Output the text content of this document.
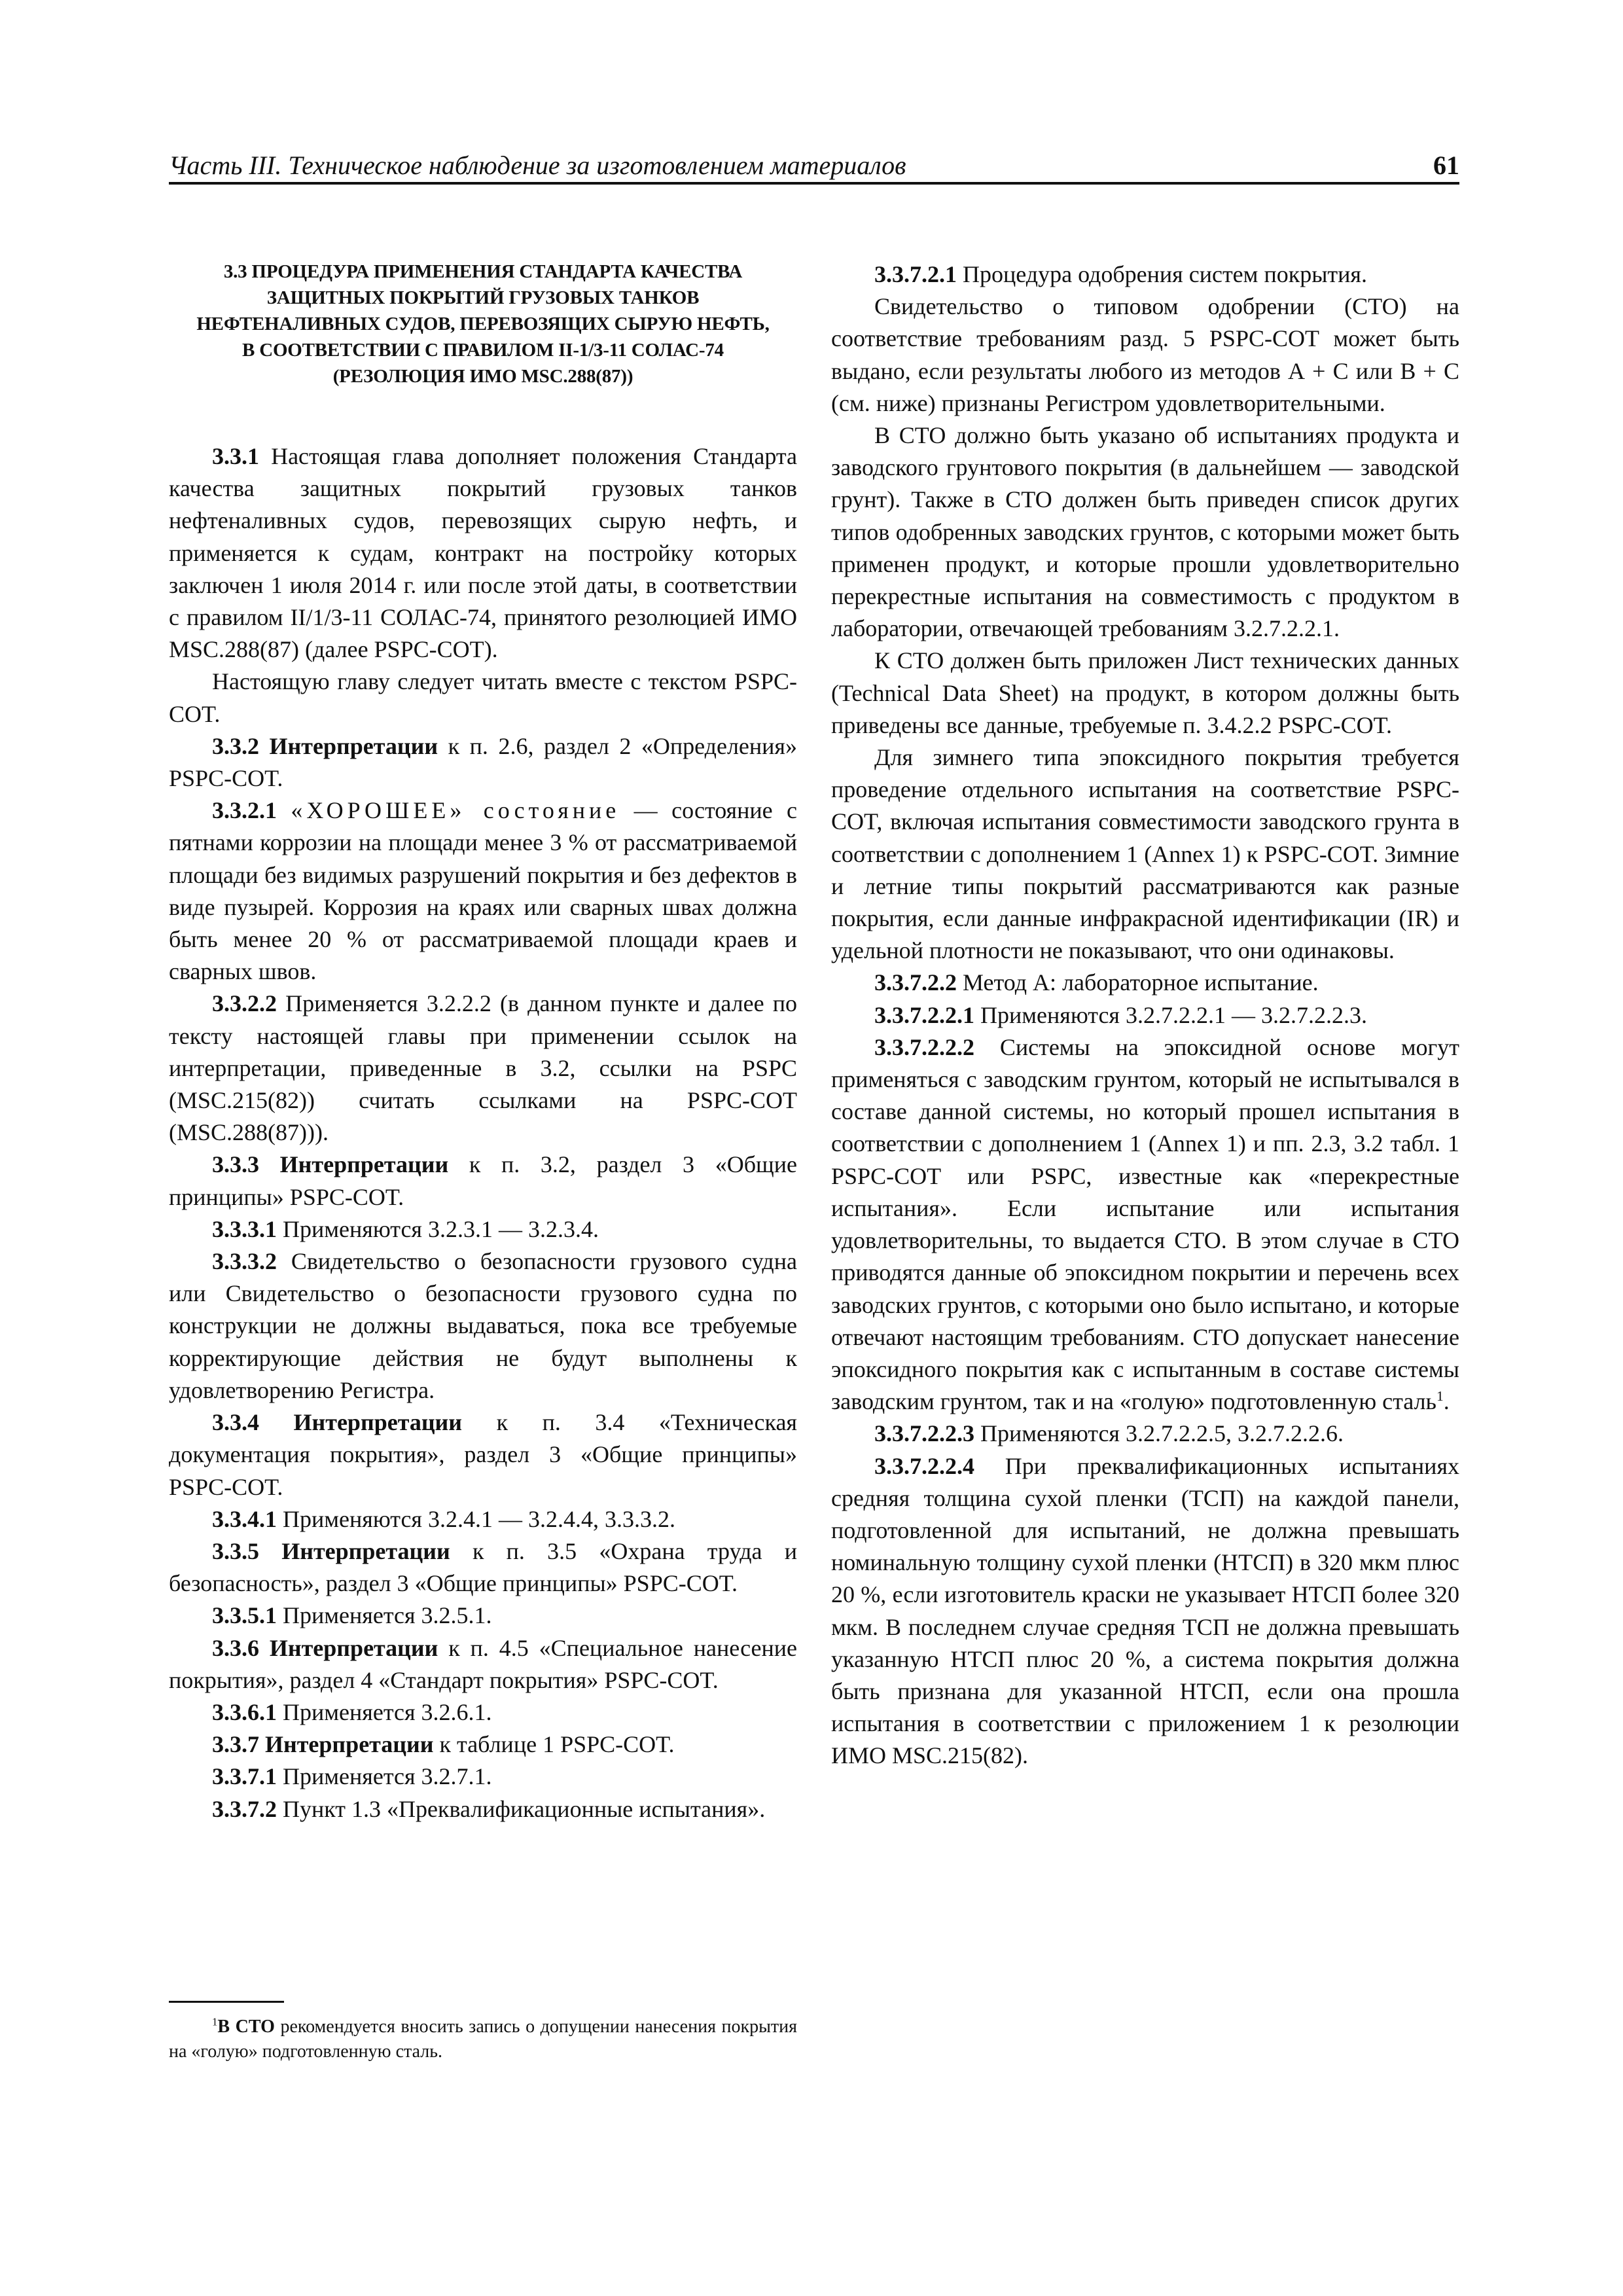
Часть III. Техническое наблюдение за изготовлением материалов	61
3.3 ПРОЦЕДУРА ПРИМЕНЕНИЯ СТАНДАРТА КАЧЕСТВА
ЗАЩИТНЫХ ПОКРЫТИЙ ГРУЗОВЫХ ТАНКОВ
НЕФТЕНАЛИВНЫХ СУДОВ, ПЕРЕВОЗЯЩИХ СЫРУЮ НЕФТЬ,
В СООТВЕТСТВИИ С ПРАВИЛОМ II-1/3-11 СОЛАС-74
(РЕЗОЛЮЦИЯ ИМО MSC.288(87))

3.3.1 Настоящая глава дополняет положения Стандарта качества защитных покрытий грузовых танков нефтеналивных судов, перевозящих сырую нефть, и применяется к судам, контракт на постройку которых заключен 1 июля 2014 г. или после этой даты, в соответствии с правилом II/1/3-11 СОЛАС-74, принятого резолюцией ИМО MSC.288(87) (далее PSPC-COT).

Настоящую главу следует читать вместе с текстом PSPC-COT.

3.3.2 Интерпретации к п. 2.6, раздел 2 «Определения» PSPC-COT.

3.3.2.1 «ХОРОШЕЕ» состояние — состояние с пятнами коррозии на площади менее 3 % от рассматриваемой площади без видимых разрушений покрытия и без дефектов в виде пузырей. Коррозия на краях или сварных швах должна быть менее 20 % от рассматриваемой площади краев и сварных швов.

3.3.2.2 Применяется 3.2.2.2 (в данном пункте и далее по тексту настоящей главы при применении ссылок на интерпретации, приведенные в 3.2, ссылки на PSPC (MSC.215(82)) считать ссылками на PSPC-COT (MSC.288(87))).

3.3.3 Интерпретации к п. 3.2, раздел 3 «Общие принципы» PSPC-COT.

3.3.3.1 Применяются 3.2.3.1 — 3.2.3.4.

3.3.3.2 Свидетельство о безопасности грузового судна или Свидетельство о безопасности грузового судна по конструкции не должны выдаваться, пока все требуемые корректирующие действия не будут выполнены к удовлетворению Регистра.

3.3.4 Интерпретации к п. 3.4 «Техническая документация покрытия», раздел 3 «Общие принципы» PSPC-COT.

3.3.4.1 Применяются 3.2.4.1 — 3.2.4.4, 3.3.3.2.

3.3.5 Интерпретации к п. 3.5 «Охрана труда и безопасность», раздел 3 «Общие принципы» PSPC-COT.

3.3.5.1 Применяется 3.2.5.1.

3.3.6 Интерпретации к п. 4.5 «Специальное нанесение покрытия», раздел 4 «Стандарт покрытия» PSPC-COT.

3.3.6.1 Применяется 3.2.6.1.

3.3.7 Интерпретации к таблице 1 PSPC-COT.

3.3.7.1 Применяется 3.2.7.1.

3.3.7.2 Пункт 1.3 «Преквалификационные испытания».

3.3.7.2.1 Процедура одобрения систем покрытия.

Свидетельство о типовом одобрении (СТО) на соответствие требованиям разд. 5 PSPC-COT может быть выдано, если результаты любого из методов А + С или В + С (см. ниже) признаны Регистром удовлетворительными.

В СТО должно быть указано об испытаниях продукта и заводского грунтового покрытия (в дальнейшем — заводской грунт). Также в СТО должен быть приведен список других типов одобренных заводских грунтов, с которыми может быть применен продукт, и которые прошли удовлетворительно перекрестные испытания на совместимость с продуктом в лаборатории, отвечающей требованиям 3.2.7.2.2.1.

К СТО должен быть приложен Лист технических данных (Technical Data Sheet) на продукт, в котором должны быть приведены все данные, требуемые п. 3.4.2.2 PSPC-COT.

Для зимнего типа эпоксидного покрытия требуется проведение отдельного испытания на соответствие PSPC-COT, включая испытания совместимости заводского грунта в соответствии с дополнением 1 (Annex 1) к PSPC-COT. Зимние и летние типы покрытий рассматриваются как разные покрытия, если данные инфракрасной идентификации (IR) и удельной плотности не показывают, что они одинаковы.

3.3.7.2.2 Метод А: лабораторное испытание.

3.3.7.2.2.1 Применяются 3.2.7.2.2.1 — 3.2.7.2.2.3.

3.3.7.2.2.2 Системы на эпоксидной основе могут применяться с заводским грунтом, который не испытывался в составе данной системы, но который прошел испытания в соответствии с дополнением 1 (Annex 1) и пп. 2.3, 3.2 табл. 1 PSPC-COT или PSPC, известные как «перекрестные испытания». Если испытание или испытания удовлетворительны, то выдается СТО. В этом случае в СТО приводятся данные об эпоксидном покрытии и перечень всех заводских грунтов, с которыми оно было испытано, и которые отвечают настоящим требованиям. СТО допускает нанесение эпоксидного покрытия как с испытанным в составе системы заводским грунтом, так и на «голую» подготовленную сталь$^1$.

3.3.7.2.2.3 Применяются 3.2.7.2.2.5, 3.2.7.2.2.6.

3.3.7.2.2.4 При преквалификационных испытаниях средняя толщина сухой пленки (ТСП) на каждой панели, подготовленной для испытаний, не должна превышать номинальную толщину сухой пленки (НТСП) в 320 мкм плюс 20 %, если изготовитель краски не указывает НТСП более 320 мкм. В последнем случае средняя ТСП не должна превышать указанную НТСП плюс 20 %, а система покрытия должна быть признана для указанной НТСП, если она прошла испытания в соответствии с приложением 1 к резолюции ИМО MSC.215(82).

$^1$В СТО рекомендуется вносить запись о допущении нанесения покрытия на «голую» подготовленную сталь.
